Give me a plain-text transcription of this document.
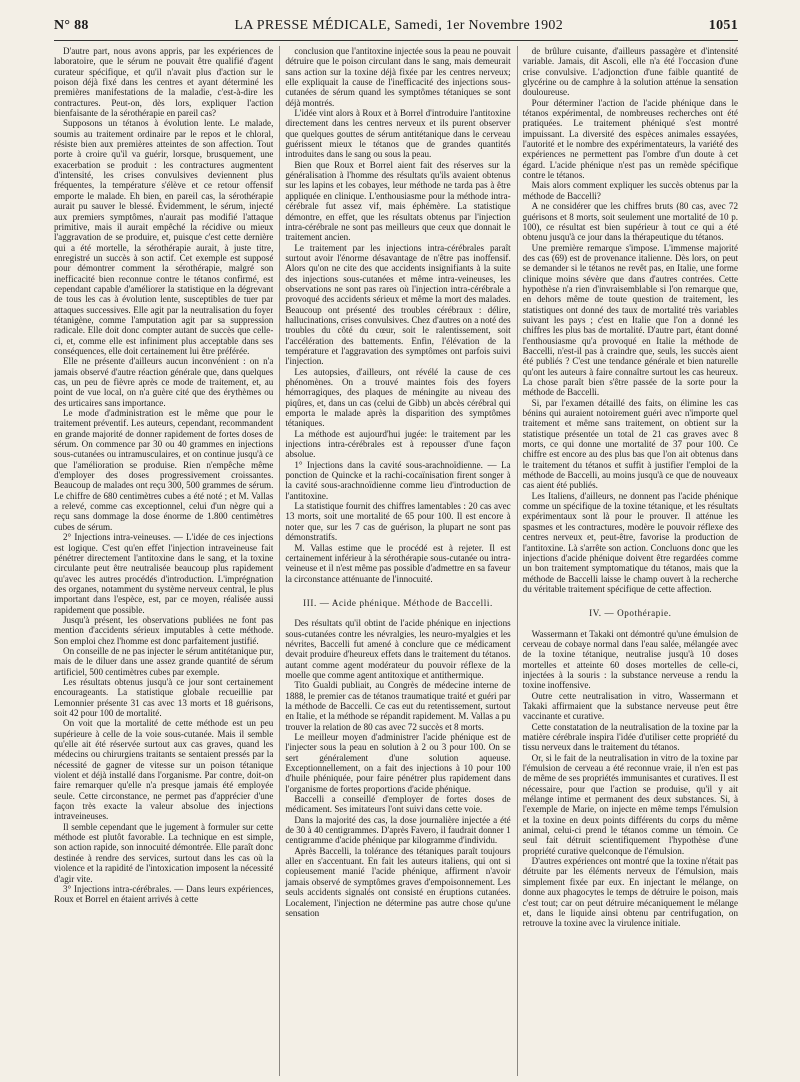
N° 88	LA PRESSE MÉDICALE, Samedi, 1er Novembre 1902	1051

D'autre part, nous avons appris, par les expériences de laboratoire, que le sérum ne pouvait être qualifié d'agent curateur spécifique, et qu'il n'avait plus d'action sur le poison déjà fixé dans les centres et ayant déterminé les premières manifestations de la maladie, c'est-à-dire les contractures. Peut-on, dès lors, expliquer l'action bienfaisante de la sérothérapie en pareil cas?

Supposons un tétanos à évolution lente. Le malade, soumis au traitement ordinaire par le repos et le chloral, résiste bien aux premières atteintes de son affection. Tout porte à croire qu'il va guérir, lorsque, brusquement, une exacerbation se produit : les contractures augmentent d'intensité, les crises convulsives deviennent plus fréquentes, la température s'élève et ce retour offensif emporte le malade. Eh bien, en pareil cas, la sérothérapie aurait pu sauver le blessé. Évidemment, le sérum, injecté aux premiers symptômes, n'aurait pas modifié l'attaque primitive, mais il aurait empêché la récidive ou mieux l'aggravation de se produire, et, puisque c'est cette dernière qui a été mortelle, la sérothérapie aurait, à juste titre, enregistré un succès à son actif. Cet exemple est supposé pour démontrer comment la sérothérapie, malgré son inefficacité bien reconnue contre le tétanos confirmé, est cependant capable d'améliorer la statistique en la dégrevant de tous les cas à évolution lente, susceptibles de tuer par attaques successives. Elle agit par la neutralisation du foyer tétanigène, comme l'amputation agit par sa suppression radicale. Elle doit donc compter autant de succès que celle-ci, et, comme elle est infiniment plus acceptable dans ses conséquences, elle doit certainement lui être préférée.

Elle ne présente d'ailleurs aucun inconvénient : on n'a jamais observé d'autre réaction générale que, dans quelques cas, un peu de fièvre après ce mode de traitement, et, au point de vue local, on n'a guère cité que des érythèmes ou des urticaires sans importance.

Le mode d'administration est le même que pour le traitement préventif. Les auteurs, cependant, recommandent en grande majorité de donner rapidement de fortes doses de sérum. On commence par 30 ou 40 grammes en injections sous-cutanées ou intramusculaires, et on continue jusqu'à ce que l'amélioration se produise. Rien n'empêche même d'employer des doses progressivement croissantes. Beaucoup de malades ont reçu 300, 500 grammes de sérum. Le chiffre de 680 centimètres cubes a été noté ; et M. Vallas a relevé, comme cas exceptionnel, celui d'un nègre qui a reçu sans dommage la dose énorme de 1.800 centimètres cubes de sérum.

2° Injections intra-veineuses. — L'idée de ces injections est logique. C'est qu'en effet l'injection intraveineuse fait pénétrer directement l'antitoxine dans le sang, et la toxine circulante peut être neutralisée beaucoup plus rapidement qu'avec les autres procédés d'introduction. L'imprégnation des organes, notamment du système nerveux central, le plus important dans l'espèce, est, par ce moyen, réalisée aussi rapidement que possible.

Jusqu'à présent, les observations publiées ne font pas mention d'accidents sérieux imputables à cette méthode. Son emploi chez l'homme est donc parfaitement justifié.

On conseille de ne pas injecter le sérum antitétanique pur, mais de le diluer dans une assez grande quantité de sérum artificiel, 500 centimètres cubes par exemple.

Les résultats obtenus jusqu'à ce jour sont certainement encourageants. La statistique globale recueillie par Lemonnier présente 31 cas avec 13 morts et 18 guérisons, soit 42 pour 100 de mortalité.

On voit que la mortalité de cette méthode est un peu supérieure à celle de la voie sous-cutanée. Mais il semble qu'elle ait été réservée surtout aux cas graves, quand les médecins ou chirurgiens traitants se sentaient pressés par la nécessité de gagner de vitesse sur un poison tétanique violent et déjà installé dans l'organisme. Par contre, doit-on faire remarquer qu'elle n'a presque jamais été employée seule. Cette circonstance, ne permet pas d'apprécier d'une façon très exacte la valeur absolue des injections intraveineuses.

Il semble cependant que le jugement à formuler sur cette méthode est plutôt favorable. La technique en est simple, son action rapide, son innocuité démontrée. Elle paraît donc destinée à rendre des services, surtout dans les cas où la violence et la rapidité de l'intoxication imposent la nécessité d'agir vite.

3° Injections intra-cérébrales. — Dans leurs expériences, Roux et Borrel en étaient arrivés à cette

conclusion que l'antitoxine injectée sous la peau ne pouvait détruire que le poison circulant dans le sang, mais demeurait sans action sur la toxine déjà fixée par les centres nerveux; elle expliquait la cause de l'inefficacité des injections sous-cutanées de sérum quand les symptômes tétaniques se sont déjà montrés.

L'idée vint alors à Roux et à Borrel d'introduire l'antitoxine directement dans les centres nerveux et ils purent observer que quelques gouttes de sérum antitétanique dans le cerveau guérissent mieux le tétanos que de grandes quantités introduites dans le sang ou sous la peau.

Bien que Roux et Borrel aient fait des réserves sur la généralisation à l'homme des résultats qu'ils avaient obtenus sur les lapins et les cobayes, leur méthode ne tarda pas à être appliquée en clinique. L'enthousiasme pour la méthode intra-cérébrale fut assez vif, mais éphémère. La statistique démontre, en effet, que les résultats obtenus par l'injection intra-cérébrale ne sont pas meilleurs que ceux que donnait le traitement ancien.

Le traitement par les injections intra-cérébrales paraît surtout avoir l'énorme désavantage de n'être pas inoffensif. Alors qu'on ne cite des que accidents insignifiants à la suite des injections sous-cutanées et même intra-veineuses, les observations ne sont pas rares où l'injection intra-cérébrale a provoqué des accidents sérieux et même la mort des malades. Beaucoup ont présenté des troubles cérébraux : délire, hallucinations, crises convulsives. Chez d'autres on a noté des troubles du côté du cœur, soit le ralentissement, soit l'accélération des battements. Enfin, l'élévation de la température et l'aggravation des symptômes ont parfois suivi l'injection.

Les autopsies, d'ailleurs, ont révélé la cause de ces phénomènes. On a trouvé maintes fois des foyers hémorragiques, des plaques de méningite au niveau des piqûres, et, dans un cas (celui de Gibb) un abcès cérébral qui emporta le malade après la disparition des symptômes tétaniques.

La méthode est aujourd'hui jugée: le traitement par les injections intra-cérébrales est à repousser d'une façon absolue.

1° Injections dans la cavité sous-arachnoïdienne. — La ponction de Quincke et la rachi-cocaïnisation firent songer à la cavité sous-arachnoïdienne comme lieu d'introduction de l'antitoxine.

La statistique fournit des chiffres lamentables : 20 cas avec 13 morts, soit une mortalité de 65 pour 100. Il est encore à noter que, sur les 7 cas de guérison, la plupart ne sont pas démonstratifs.

M. Vallas estime que le procédé est à rejeter. Il est certainement inférieur à la sérothérapie sous-cutanée ou intra-veineuse et il n'est même pas possible d'admettre en sa faveur la circonstance atténuante de l'innocuité.

III. — Acide phénique. Méthode de Baccelli.

Des résultats qu'il obtint de l'acide phénique en injections sous-cutanées contre les névralgies, les neuro-myalgies et les névrites, Baccelli fut amené à conclure que ce médicament devait produire d'heureux effets dans le traitement du tétanos. autant comme agent modérateur du pouvoir réflexe de la moelle que comme agent antitoxique et antithermique.

Tito Gualdi publiait, au Congrès de médecine interne de 1888, le premier cas de tétanos traumatique traité et guéri par la méthode de Baccelli. Ce cas eut du retentissement, surtout en Italie, et la méthode se répandit rapidement. M. Vallas a pu trouver la relation de 80 cas avec 72 succès et 8 morts.

Le meilleur moyen d'administrer l'acide phénique est de l'injecter sous la peau en solution à 2 ou 3 pour 100. On se sert généralement d'une solution aqueuse. Exceptionnellement, on a fait des injections à 10 pour 100 d'huile phéniquée, pour faire pénétrer plus rapidement dans l'organisme de fortes proportions d'acide phénique.

Baccelli a conseillé d'employer de fortes doses de médicament. Ses imitateurs l'ont suivi dans cette voie.

Dans la majorité des cas, la dose journalière injectée a été de 30 à 40 centigrammes. D'après Favero, il faudrait donner 1 centigramme d'acide phénique par kilogramme d'individu.

Après Baccelli, la tolérance des tétaniques paraît toujours aller en s'accentuant. En fait les auteurs italiens, qui ont si copieusement manié l'acide phénique, affirment n'avoir jamais observé de symptômes graves d'empoisonnement. Les seuls accidents signalés ont consisté en éruptions cutanées. Localement, l'injection ne détermine pas autre chose qu'une sensation

de brûlure cuisante, d'ailleurs passagère et d'intensité variable. Jamais, dit Ascoli, elle n'a été l'occasion d'une crise convulsive. L'adjonction d'une faible quantité de glycérine ou de camphre à la solution atténue la sensation douloureuse.

Pour déterminer l'action de l'acide phénique dans le tétanos expérimental, de nombreuses recherches ont été pratiquées. Le traitement phéniqué s'est montré impuissant. La diversité des espèces animales essayées, l'autorité et le nombre des expérimentateurs, la variété des expériences ne permettent pas l'ombre d'un doute à cet égard. L'acide phénique n'est pas un remède spécifique contre le tétanos.

Mais alors comment expliquer les succès obtenus par la méthode de Baccelli?

A ne considérer que les chiffres bruts (80 cas, avec 72 guérisons et 8 morts, soit seulement une mortalité de 10 p. 100), ce résultat est bien supérieur à tout ce qui a été obtenu jusqu'à ce jour dans la thérapeutique du tétanos.

Une première remarque s'impose. L'immense majorité des cas (69) est de provenance italienne. Dès lors, on peut se demander si le tétanos ne revêt pas, en Italie, une forme clinique moins sévère que dans d'autres contrées. Cette hypothèse n'a rien d'invraisemblable si l'on remarque que, en dehors même de toute question de traitement, les statistiques ont donné des taux de mortalité très variables suivant les pays ; c'est en Italie que l'on a donné les chiffres les plus bas de mortalité. D'autre part, étant donné l'enthousiasme qu'a provoqué en Italie la méthode de Baccelli, n'est-il pas à craindre que, seuls, les succès aient été publiés ? C'est une tendance générale et bien naturelle qu'ont les auteurs à faire connaître surtout les cas heureux. La chose paraît bien s'être passée de la sorte pour la méthode de Baccelli.

Si, par l'examen détaillé des faits, on élimine les cas bénins qui auraient notoirement guéri avec n'importe quel traitement et même sans traitement, on obtient sur la statistique présentée un total de 21 cas graves avec 8 morts, ce qui donne une mortalité de 37 pour 100. Ce chiffre est encore au des plus bas que l'on ait obtenus dans le traitement du tétanos et suffit à justifier l'emploi de la méthode de Baccelli, au moins jusqu'à ce que de nouveaux cas aient été publiés.

Les Italiens, d'ailleurs, ne donnent pas l'acide phénique comme un spécifique de la toxine tétanique, et les résultats expérimentaux sont là pour le prouver. Il atténue les spasmes et les contractures, modère le pouvoir réflexe des centres nerveux et, peut-être, favorise la production de l'antitoxine. Là s'arrête son action. Concluons donc que les injections d'acide phénique doivent être regardées comme un bon traitement symptomatique du tétanos, mais que la méthode de Baccelli laisse le champ ouvert à la recherche du véritable traitement spécifique de cette affection.

IV. — Opothérapie.

Wassermann et Takaki ont démontré qu'une émulsion de cerveau de cobaye normal dans l'eau salée, mélangée avec de la toxine tétanique, neutralise jusqu'à 10 doses mortelles et atteinte 60 doses mortelles de celle-ci, injectées à la souris : la substance nerveuse a rendu la toxine inoffensive.

Outre cette neutralisation in vitro, Wassermann et Takaki affirmaient que la substance nerveuse peut être vaccinante et curative.

Cette constatation de la neutralisation de la toxine par la matière cérébrale inspira l'idée d'utiliser cette propriété du tissu nerveux dans le traitement du tétanos.

Or, si le fait de la neutralisation in vitro de la toxine par l'émulsion de cerveau a été reconnue vraie, il n'en est pas de même de ses propriétés immunisantes et curatives. Il est nécessaire, pour que l'action se produise, qu'il y ait mélange intime et permanent des deux substances. Si, à l'exemple de Marie, on injecte en même temps l'émulsion et la toxine en deux points différents du corps du même animal, celui-ci prend le tétanos comme un témoin. Ce seul fait détruit scientifiquement l'hypothèse d'une propriété curative quelconque de l'émulsion.

D'autres expériences ont montré que la toxine n'était pas détruite par les éléments nerveux de l'émulsion, mais simplement fixée par eux. En injectant le mélange, on donne aux phagocytes le temps de détruire le poison, mais c'est tout; car on peut détruire mécaniquement le mélange et, dans le liquide ainsi obtenu par centrifugation, on retrouve la toxine avec la virulence initiale.
